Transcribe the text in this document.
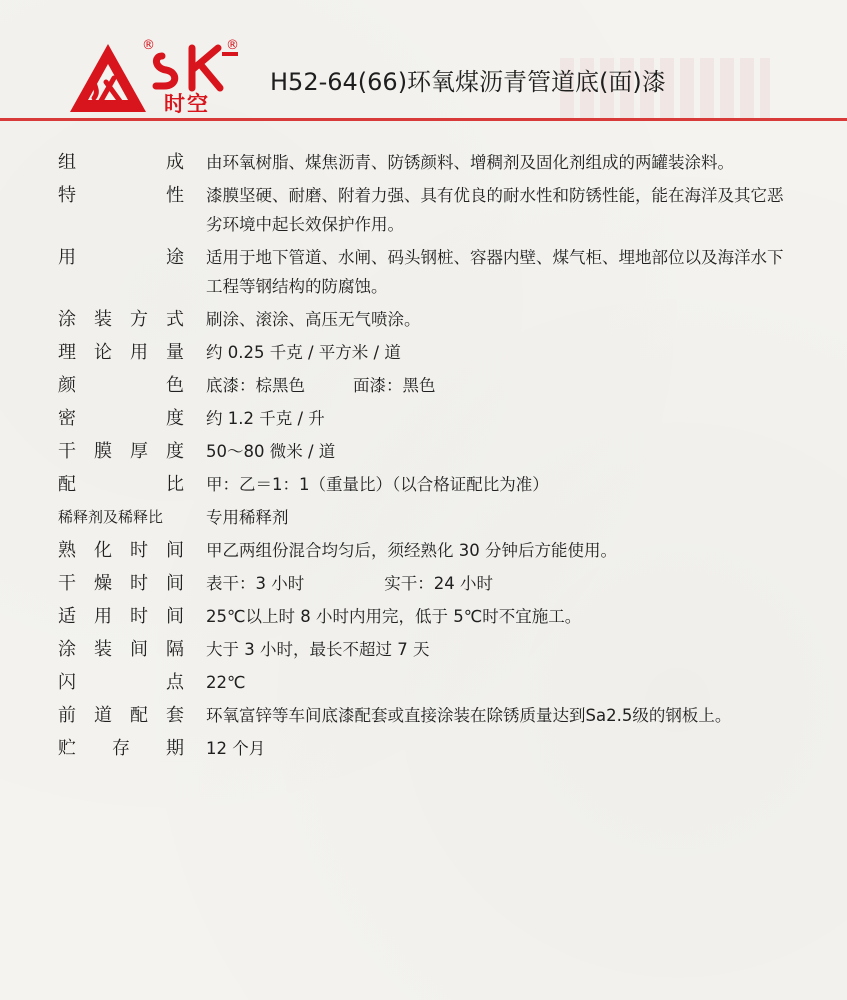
®	®
时空
H52-64(66)环氧煤沥青管道底(面)漆
组成 由环氧树脂、煤焦沥青、防锈颜料、增稠剂及固化剂组成的两罐装涂料。
特性 漆膜坚硬、耐磨、附着力强、具有优良的耐水性和防锈性能，能在海洋及其它恶劣环境中起长效保护作用。
用途 适用于地下管道、水闸、码头钢桩、容器内壁、煤气柜、埋地部位以及海洋水下工程等钢结构的防腐蚀。
涂装方式 刷涂、滚涂、高压无气喷涂。
理论用量 约 0.25 千克 / 平方米 / 道
颜色 底漆：棕黑色	面漆：黑色
密度 约 1.2 千克 / 升
干膜厚度 50～80 微米 / 道
配比 甲：乙＝1：1（重量比）（以合格证配比为准）
稀释剂及稀释比	专用稀释剂
熟化时间 甲乙两组份混合均匀后，须经熟化 30 分钟后方能使用。
干燥时间 表干：3 小时	实干：24 小时
适用时间 25℃以上时 8 小时内用完，低于 5℃时不宜施工。
涂装间隔 大于 3 小时，最长不超过 7 天
闪点 22℃
前道配套 环氧富锌等车间底漆配套或直接涂装在除锈质量达到Sa2.5级的钢板上。
贮存期 12 个月
